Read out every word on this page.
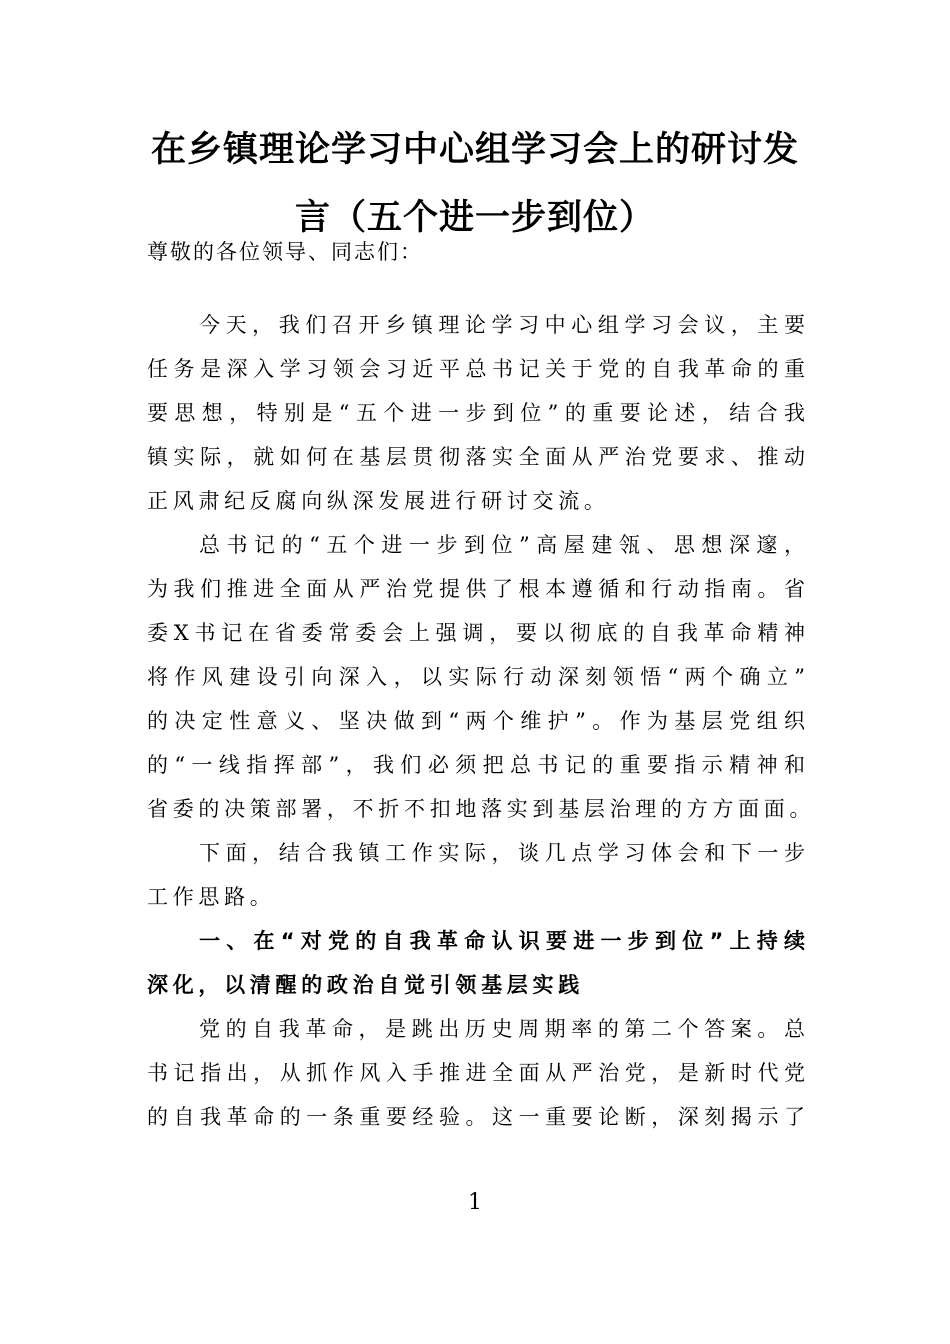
在乡镇理论学习中心组学习会上的研讨发
言（五个进一步到位）
尊敬的各位领导、同志们：
今天，我们召开乡镇理论学习中心组学习会议，主要
任务是深入学习领会习近平总书记关于党的自我革命的重
要思想，特别是“五个进一步到位”的重要论述，结合我
镇实际，就如何在基层贯彻落实全面从严治党要求、推动
正风肃纪反腐向纵深发展进行研讨交流。
总书记的“五个进一步到位”高屋建瓴、思想深邃，
为我们推进全面从严治党提供了根本遵循和行动指南。省
委X书记在省委常委会上强调，要以彻底的自我革命精神
将作风建设引向深入，以实际行动深刻领悟“两个确立”
的决定性意义、坚决做到“两个维护”。作为基层党组织
的“一线指挥部”，我们必须把总书记的重要指示精神和
省委的决策部署，不折不扣地落实到基层治理的方方面面。
下面，结合我镇工作实际，谈几点学习体会和下一步
工作思路。
一、在“对党的自我革命认识要进一步到位”上持续
深化，以清醒的政治自觉引领基层实践
党的自我革命，是跳出历史周期率的第二个答案。总
书记指出，从抓作风入手推进全面从严治党，是新时代党
的自我革命的一条重要经验。这一重要论断，深刻揭示了
1
